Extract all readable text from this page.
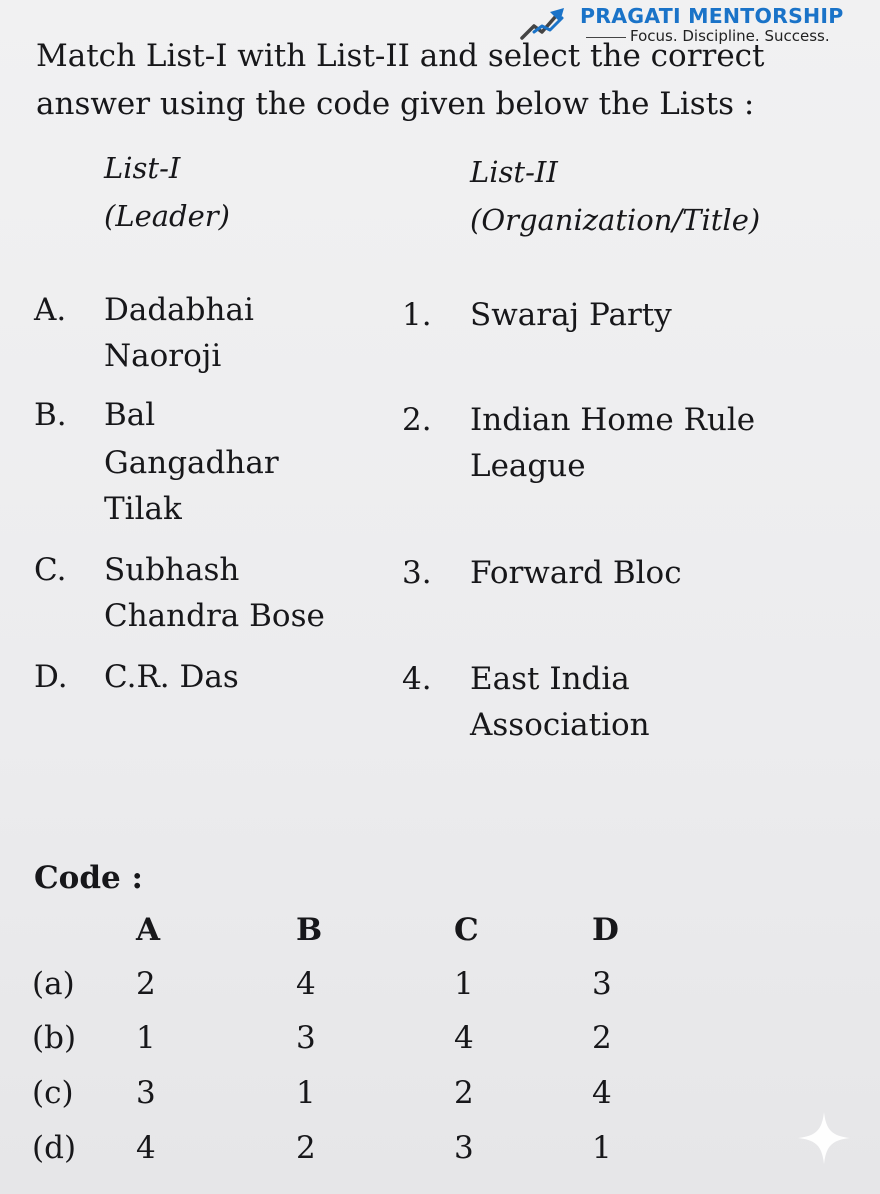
PRAGATI MENTORSHIP
Focus. Discipline. Success.
Match List-I with List-II and select the correct
answer using the code given below the Lists :
List-I
(Leader)
List-II
(Organization/Title)
A. Dadabhai
Naoroji
B. Bal
Gangadhar
Tilak
C. Subhash
Chandra Bose
D. C.R. Das
1. Swaraj Party
2. Indian Home Rule
League
3. Forward Bloc
4. East India
Association
Code :
A	B	C	D
(a) 2	4	1	3
(b) 1	3	4	2
(c) 3	1	2	4
(d) 4	2	3	1
